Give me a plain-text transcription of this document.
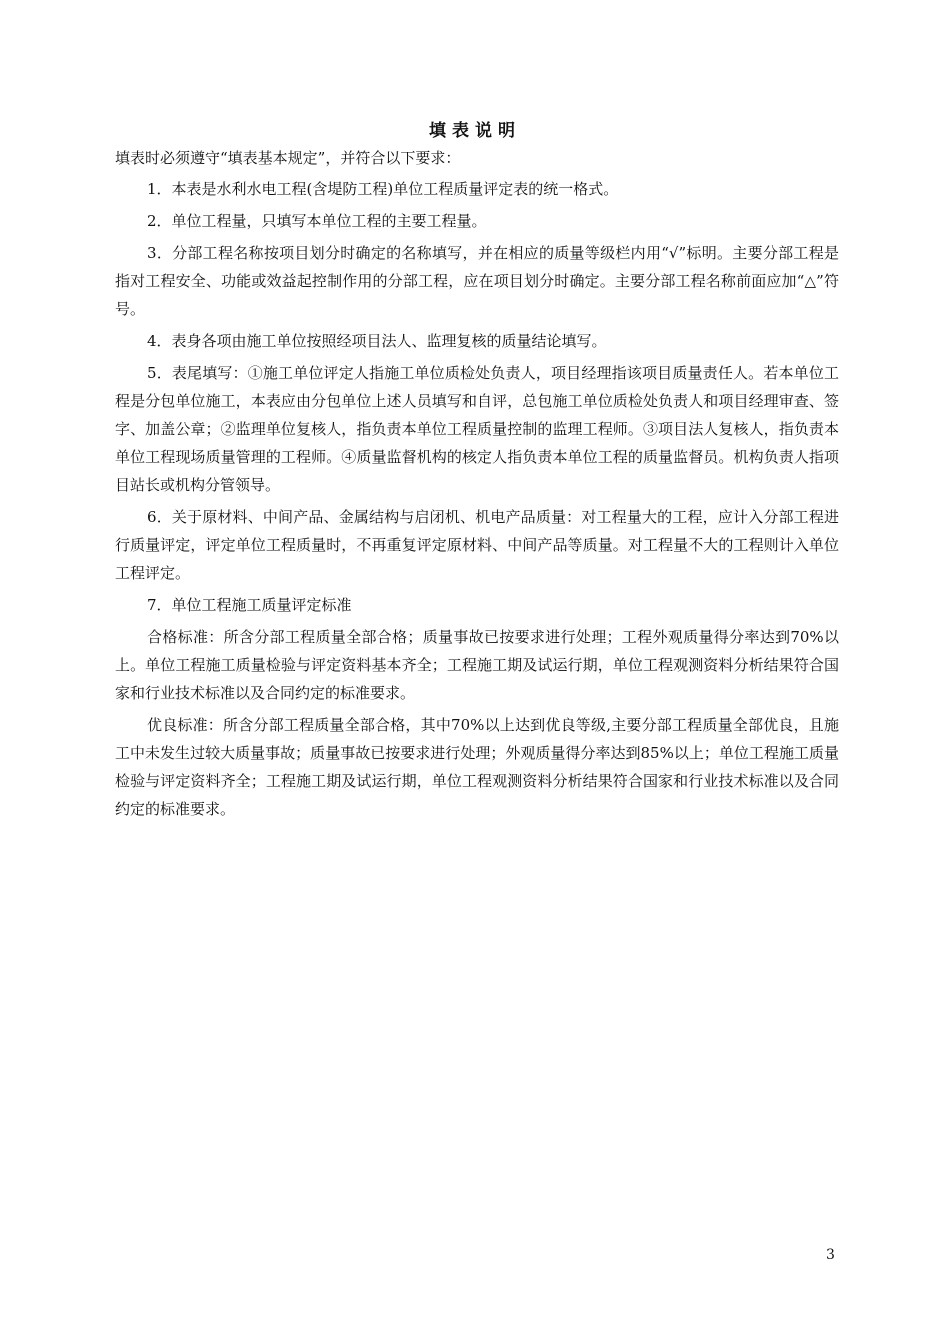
填表说明

填表时必须遵守“填表基本规定”，并符合以下要求：

1．本表是水利水电工程(含堤防工程)单位工程质量评定表的统一格式。

2．单位工程量，只填写本单位工程的主要工程量。

3．分部工程名称按项目划分时确定的名称填写，并在相应的质量等级栏内用“√”标明。主要分部工程是指对工程安全、功能或效益起控制作用的分部工程，应在项目划分时确定。主要分部工程名称前面应加“△”符号。

4．表身各项由施工单位按照经项目法人、监理复核的质量结论填写。

5．表尾填写：①施工单位评定人指施工单位质检处负责人，项目经理指该项目质量责任人。若本单位工程是分包单位施工，本表应由分包单位上述人员填写和自评，总包施工单位质检处负责人和项目经理审查、签字、加盖公章；②监理单位复核人，指负责本单位工程质量控制的监理工程师。③项目法人复核人，指负责本单位工程现场质量管理的工程师。④质量监督机构的核定人指负责本单位工程的质量监督员。机构负责人指项目站长或机构分管领导。

6．关于原材料、中间产品、金属结构与启闭机、机电产品质量：对工程量大的工程，应计入分部工程进行质量评定，评定单位工程质量时，不再重复评定原材料、中间产品等质量。对工程量不大的工程则计入单位工程评定。

7．单位工程施工质量评定标准

合格标准：所含分部工程质量全部合格；质量事故已按要求进行处理；工程外观质量得分率达到70%以上。单位工程施工质量检验与评定资料基本齐全；工程施工期及试运行期，单位工程观测资料分析结果符合国家和行业技术标准以及合同约定的标准要求。

优良标准：所含分部工程质量全部合格，其中70%以上达到优良等级,主要分部工程质量全部优良，且施工中未发生过较大质量事故；质量事故已按要求进行处理；外观质量得分率达到85%以上；单位工程施工质量检验与评定资料齐全；工程施工期及试运行期，单位工程观测资料分析结果符合国家和行业技术标准以及合同约定的标准要求。

3
